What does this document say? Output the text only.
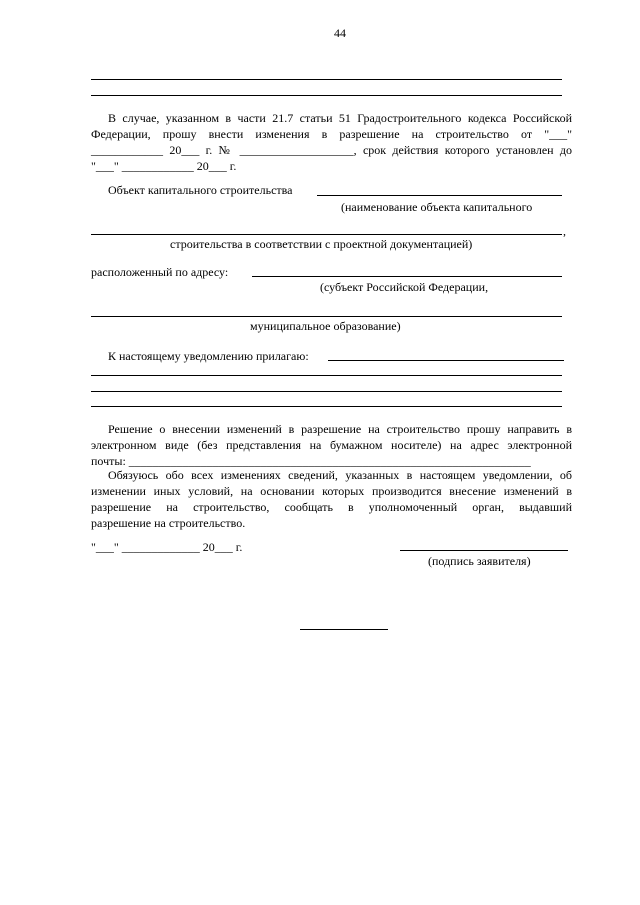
44
В случае, указанном в части 21.7 статьи 51 Градостроительного кодекса Российской
Федерации, прошу внести изменения в разрешение на строительство от "___"
____________ 20___ г. № ___________________, срок действия которого установлен до
"___" ____________ 20___ г.
Объект капитального строительства
(наименование объекта капитального
,
строительства в соответствии с проектной документацией)
расположенный по адресу:
(субъект Российской Федерации,
муниципальное образование)
К настоящему уведомлению прилагаю:
Решение о внесении изменений в разрешение на строительство прошу направить в
электронном виде (без представления на бумажном носителе) на адрес электронной
почты: ___________________________________________________________________
Обязуюсь обо всех изменениях сведений, указанных в настоящем уведомлении, об
изменении иных условий, на основании которых производится внесение изменений в
разрешение на строительство, сообщать в уполномоченный орган, выдавший
разрешение на строительство.
"___" _____________ 20___ г.
(подпись заявителя)
